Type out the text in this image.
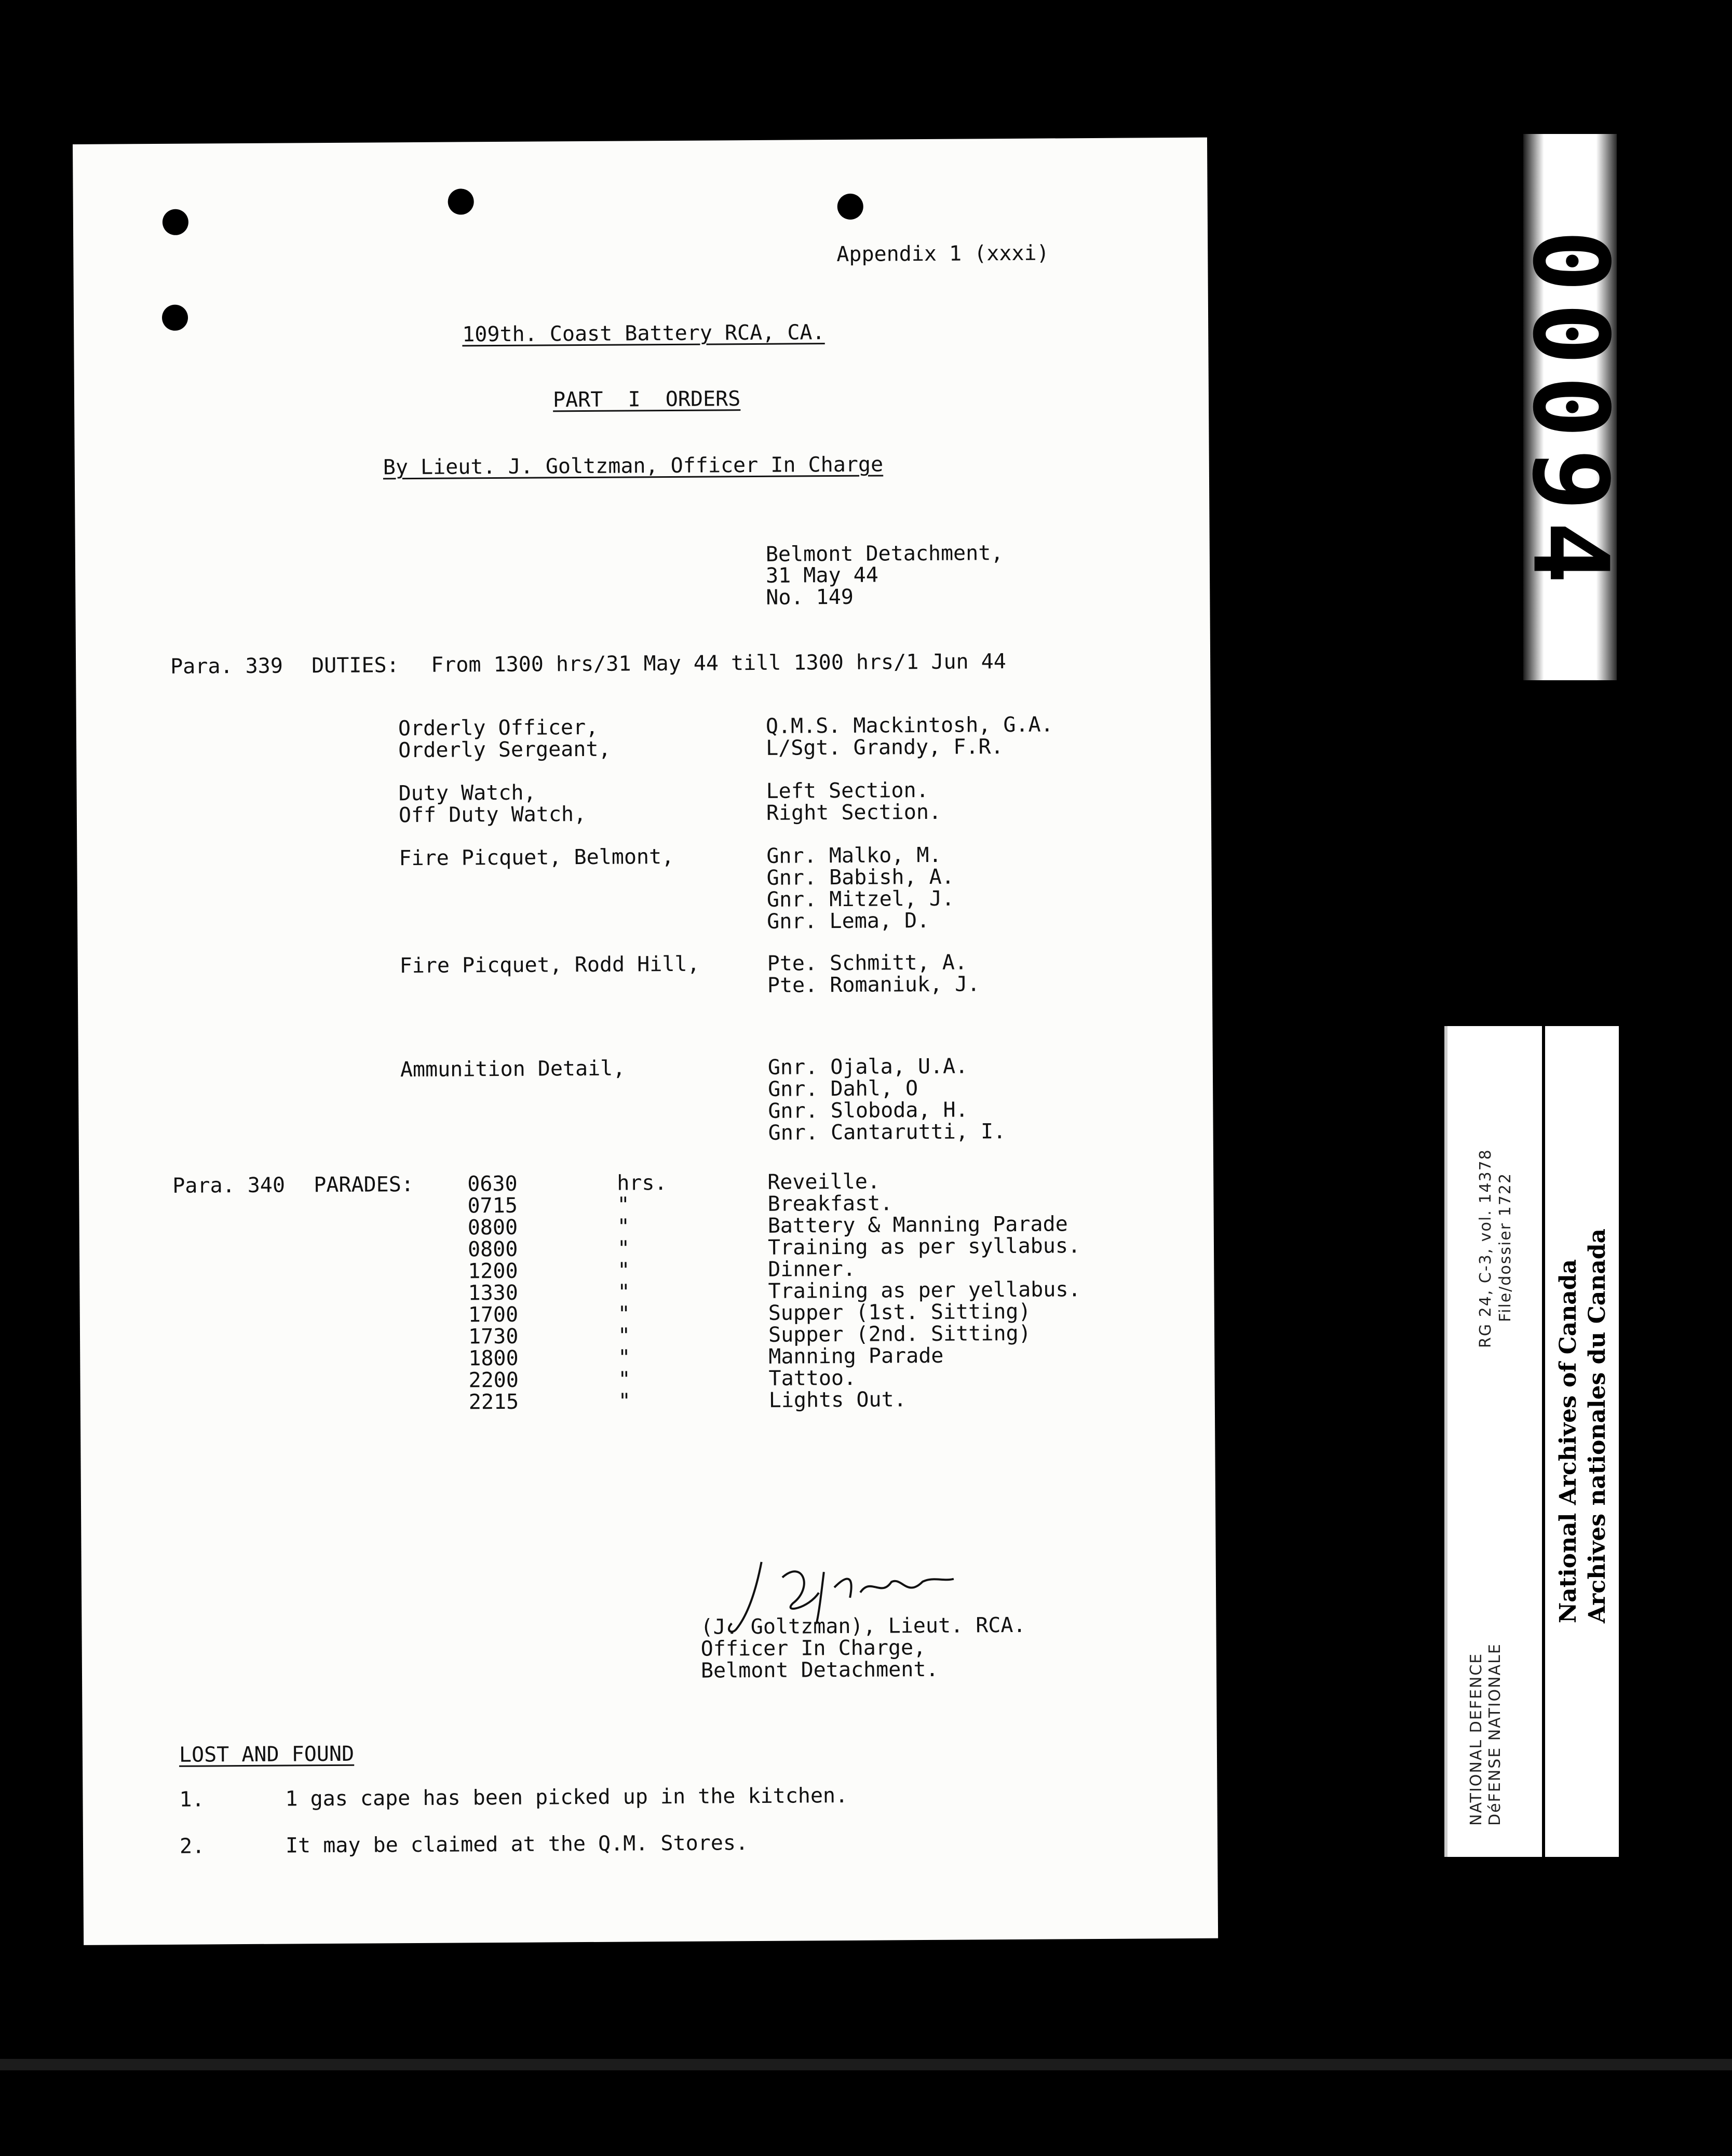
Appendix 1 (xxxi)
109th. Coast Battery RCA, CA.
PART  I  ORDERS
By Lieut. J. Goltzman, Officer In Charge
Belmont Detachment,
31 May 44
No. 149
Para. 339 DUTIES: From 1300 hrs/31 May 44 till 1300 hrs/1 Jun 44
Orderly Officer,	Q.M.S. Mackintosh, G.A.
Orderly Sergeant,	L/Sgt. Grandy, F.R.
Duty Watch,	Left Section.
Off Duty Watch,	Right Section.
Fire Picquet, Belmont,	Gnr. Malko, M.
Gnr. Babish, A.
Gnr. Mitzel, J.
Gnr. Lema, D.
Fire Picquet, Rodd Hill,	Pte. Schmitt, A.
Pte. Romaniuk, J.
Ammunition Detail,	Gnr. Ojala, U.A.
Gnr. Dahl, O
Gnr. Sloboda, H.
Gnr. Cantarutti, I.
Para. 340 PARADES:	0630	hrs.	Reveille.
0715	"	Breakfast.
0800	"	Battery & Manning Parade
0800	"	Training as per syllabus.
1200	"	Dinner.
1330	"	Training as per yellabus.
1700	"	Supper (1st. Sitting)
1730	"	Supper (2nd. Sitting)
1800	"	Manning Parade
2200	"	Tattoo.
2215	"	Lights Out.
(J. Goltzman), Lieut. RCA.
Officer In Charge,
Belmont Detachment.
LOST AND FOUND
1.	1 gas cape has been picked up in the kitchen.
2.	It may be claimed at the Q.M. Stores.
00094
NATIONAL DEFENCE DéFENSE NATIONALE
RG 24, C-3, vol. 14378 File/dossier 1722
National Archives of Canada Archives nationales du Canada
